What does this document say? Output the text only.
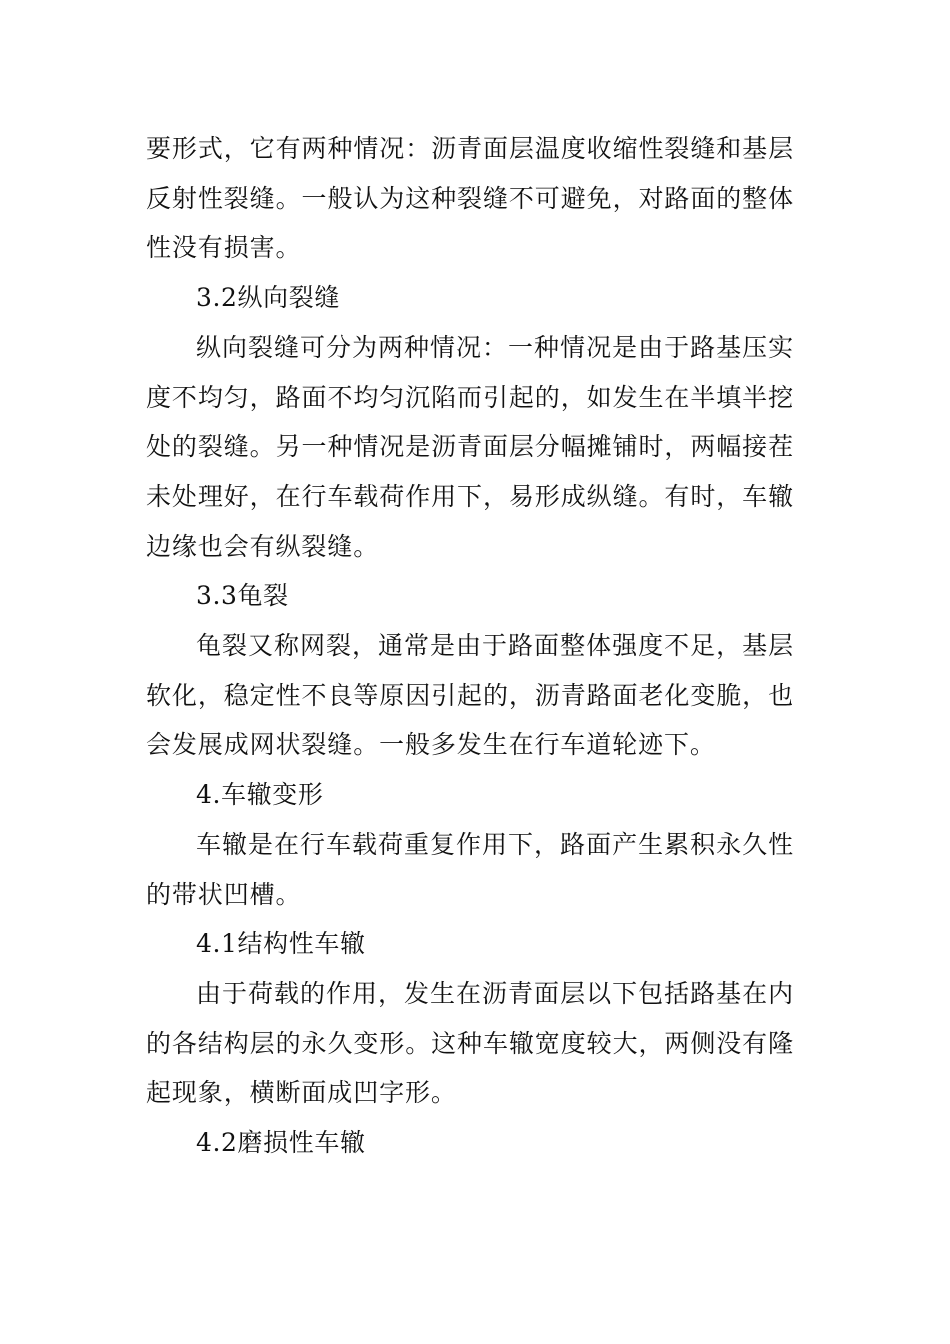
要形式，它有两种情况：沥青面层温度收缩性裂缝和基层反射性裂缝。一般认为这种裂缝不可避免，对路面的整体性没有损害。

3.2纵向裂缝

纵向裂缝可分为两种情况：一种情况是由于路基压实度不均匀，路面不均匀沉陷而引起的，如发生在半填半挖处的裂缝。另一种情况是沥青面层分幅摊铺时，两幅接茬未处理好，在行车载荷作用下，易形成纵缝。有时，车辙边缘也会有纵裂缝。

3.3龟裂

龟裂又称网裂，通常是由于路面整体强度不足，基层软化，稳定性不良等原因引起的，沥青路面老化变脆，也会发展成网状裂缝。一般多发生在行车道轮迹下。

4.车辙变形

车辙是在行车载荷重复作用下，路面产生累积永久性的带状凹槽。

4.1结构性车辙

由于荷载的作用，发生在沥青面层以下包括路基在内的各结构层的永久变形。这种车辙宽度较大，两侧没有隆起现象，横断面成凹字形。

4.2磨损性车辙
